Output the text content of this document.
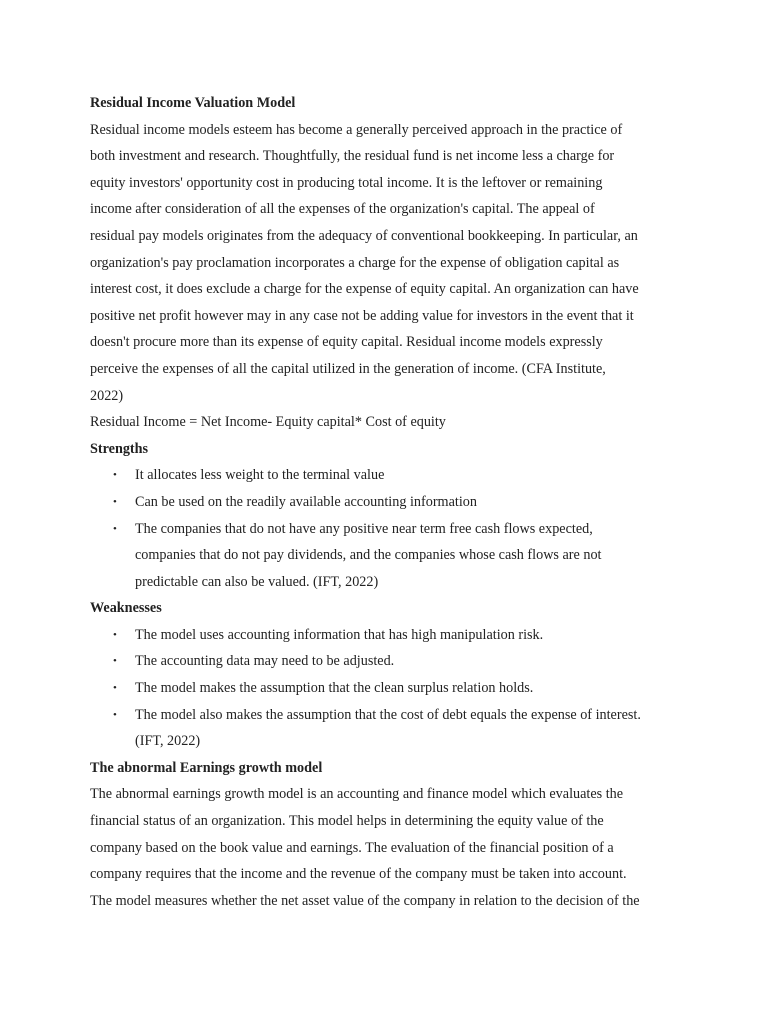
Residual Income Valuation Model
Residual income models esteem has become a generally perceived approach in the practice of
both investment and research. Thoughtfully, the residual fund is net income less a charge for
equity investors' opportunity cost in producing total income. It is the leftover or remaining
income after consideration of all the expenses of the organization's capital. The appeal of
residual pay models originates from the adequacy of conventional bookkeeping. In particular, an
organization's pay proclamation incorporates a charge for the expense of obligation capital as
interest cost, it does exclude a charge for the expense of equity capital. An organization can have
positive net profit however may in any case not be adding value for investors in the event that it
doesn't procure more than its expense of equity capital. Residual income models expressly
perceive the expenses of all the capital utilized in the generation of income. (CFA Institute,
2022)
Residual Income = Net Income- Equity capital* Cost of equity
Strengths
•	It allocates less weight to the terminal value
•	Can be used on the readily available accounting information
•	The companies that do not have any positive near term free cash flows expected,
companies that do not pay dividends, and the companies whose cash flows are not
predictable can also be valued. (IFT, 2022)
Weaknesses
•	The model uses accounting information that has high manipulation risk.
•	The accounting data may need to be adjusted.
•	The model makes the assumption that the clean surplus relation holds.
•	The model also makes the assumption that the cost of debt equals the expense of interest.
(IFT, 2022)
The abnormal Earnings growth model
The abnormal earnings growth model is an accounting and finance model which evaluates the
financial status of an organization. This model helps in determining the equity value of the
company based on the book value and earnings. The evaluation of the financial position of a
company requires that the income and the revenue of the company must be taken into account.
The model measures whether the net asset value of the company in relation to the decision of the
